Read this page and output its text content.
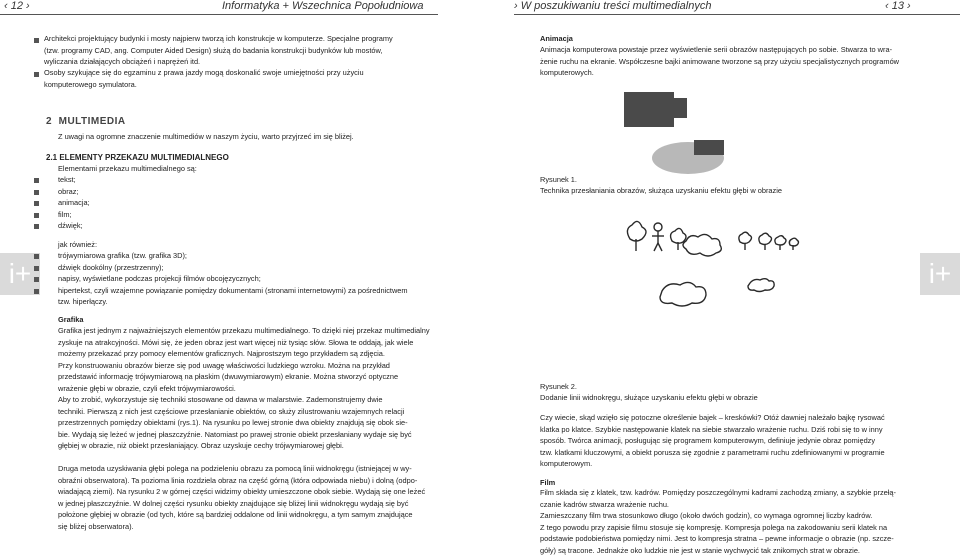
‹ 12 ›	Informatyka + Wszechnica Popołudniowa	› W poszukiwaniu treści multimedialnych	‹ 13 ›
i+	i+
Architekci projektujący budynki i mosty najpierw tworzą ich konstrukcje w komputerze. Specjalne programy
(tzw. programy CAD, ang. Computer Aided Design) służą do badania konstrukcji budynków lub mostów,
wyliczania działających obciążeń i naprężeń itd.
Osoby szykujące się do egzaminu z prawa jazdy mogą doskonalić swoje umiejętności przy użyciu
komputerowego symulatora.
2 MULTIMEDIA
Z uwagi na ogromne znaczenie multimediów w naszym życiu, warto przyjrzeć im się bliżej.
2.1 ELEMENTY PRZEKAZU MULTIMEDIALNEGO
Elementami przekazu multimedialnego są:
tekst;
obraz;
animacja;
film;
dźwięk;
jak również:
trójwymiarowa grafika (tzw. grafika 3D);
dźwięk dookólny (przestrzenny);
napisy, wyświetlane podczas projekcji filmów obcojęzycznych;
hipertekst, czyli wzajemne powiązanie pomiędzy dokumentami (stronami internetowymi) za pośrednictwem
tzw. hiperłączy.
Grafika
Grafika jest jednym z najważniejszych elementów przekazu multimedialnego. To dzięki niej przekaz multimedialny
zyskuje na atrakcyjności. Mówi się, że jeden obraz jest wart więcej niż tysiąc słów. Słowa te oddają, jak wiele
możemy przekazać przy pomocy elementów graficznych. Najprostszym tego przykładem są zdjęcia.
Przy konstruowaniu obrazów bierze się pod uwagę właściwości ludzkiego wzroku. Można na przykład
przedstawić informację trójwymiarową na płaskim (dwuwymiarowym) ekranie. Można stworzyć optyczne
wrażenie głębi w obrazie, czyli efekt trójwymiarowości.
Aby to zrobić, wykorzystuje się techniki stosowane od dawna w malarstwie. Zademonstrujemy dwie
techniki. Pierwszą z nich jest częściowe przesłanianie obiektów, co służy zilustrowaniu wzajemnych relacji
przestrzennych pomiędzy obiektami (rys.1). Na rysunku po lewej stronie dwa obiekty znajdują się obok sie-
bie. Wydają się leżeć w jednej płaszczyźnie. Natomiast po prawej stronie obiekt przesłaniany wydaje się być
głębiej w obrazie, niż obiekt przesłaniający. Obraz uzyskuje cechy trójwymiarowej głębi.
Druga metoda uzyskiwania głębi polega na podzieleniu obrazu za pomocą linii widnokręgu (istniejącej w wy-
obraźni obserwatora). Ta pozioma linia rozdziela obraz na część górną (którа odpowiada niebu) i dolną (odpo-
wiadającą ziemi). Na rysunku 2 w górnej części widzimy obiekty umieszczone obok siebie. Wydają się one leżeć
w jednej płaszczyźnie. W dolnej części rysunku obiekty znajdujące się bliżej linii widnokręgu wydają się być
położone głębiej w obrazie (od tych, które są bardziej oddalone od linii widnokręgu, a tym samym znajdujące
się bliżej obserwatora).
Animacja
Animacja komputerowa powstaje przez wyświetlenie serii obrazów następujących po sobie. Stwarza to wra-
żenie ruchu na ekranie. Współczesne bajki animowane tworzone są przy użyciu specjalistycznych programów
komputerowych.
Rysunek 1.
Technika przesłaniania obrazów, służąca uzyskaniu efektu głębi w obrazie
Rysunek 2.
Dodanie linii widnokręgu, służące uzyskaniu efektu głębi w obrazie
Czy wiecie, skąd wzięło się potoczne określenie bajek – kreskówki? Otóż dawniej należało bajkę rysować
klatka po klatce. Szybkie następowanie klatek na siebie stwarzało wrażenie ruchu. Dziś robi się to w inny
sposób. Twórca animacji, posługując się programem komputerowym, definiuje jedynie obraz pomiędzy
tzw. klatkami kluczowymi, a obiekt porusza się zgodnie z parametrami ruchu zdefiniowanymi w programie
komputerowym.
Film
Film składa się z klatek, tzw. kadrów. Pomiędzy poszczególnymi kadrami zachodzą zmiany, a szybkie przełą-
czanie kadrów stwarza wrażenie ruchu.
Zamieszczany film trwa stosunkowo długo (około dwóch godzin), co wymaga ogromnej liczby kadrów.
Z tego powodu przy zapisie filmu stosuje się kompresję. Kompresja polega na zakodowaniu serii klatek na
podstawie podobieństwa pomiędzy nimi. Jest to kompresja stratna – pewne informacje o obrazie (np. szcze-
góły) są tracone. Jednakże oko ludzkie nie jest w stanie wychwycić tak znikomych strat w obrazie.
